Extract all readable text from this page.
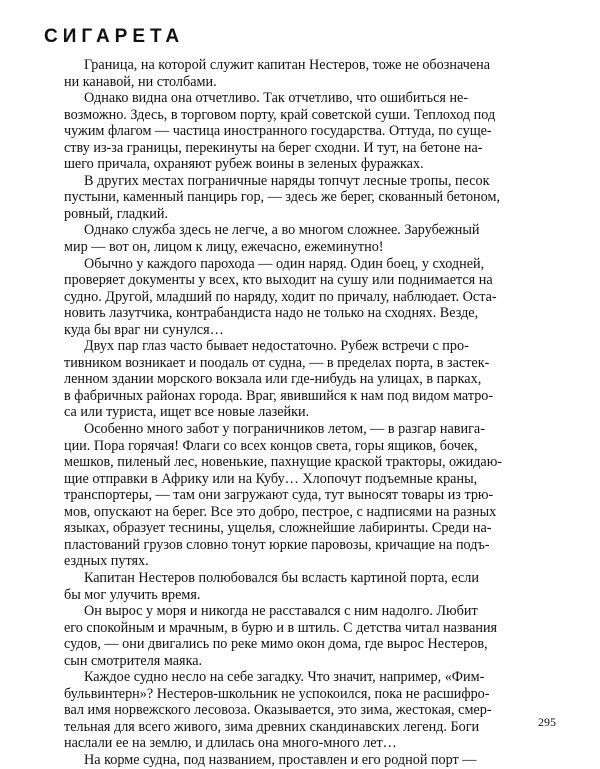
СИГАРЕТА

Граница, на которой служит капитан Нестеров, тоже не обозначена
ни канавой, ни столбами.

Однако видна она отчетливо. Так отчетливо, что ошибиться не-
возможно. Здесь, в торговом порту, край советской суши. Теплоход под
чужим флагом — частица иностранного государства. Оттуда, по суще-
ству из-за границы, перекинуты на берег сходни. И тут, на бетоне на-
шего причала, охраняют рубеж воины в зеленых фуражках.

В других местах пограничные наряды топчут лесные тропы, песок
пустыни, каменный панцирь гор, — здесь же берег, скованный бетоном,
ровный, гладкий.

Однако служба здесь не легче, а во многом сложнее. Зарубежный
мир — вот он, лицом к лицу, ежечасно, ежеминутно!

Обычно у каждого парохода — один наряд. Один боец, у сходней,
проверяет документы у всех, кто выходит на сушу или поднимается на
судно. Другой, младший по наряду, ходит по причалу, наблюдает. Оста-
новить лазутчика, контрабандиста надо не только на сходнях. Везде,
куда бы враг ни сунулся…

Двух пар глаз часто бывает недостаточно. Рубеж встречи с про-
тивником возникает и поодаль от судна, — в пределах порта, в застек-
ленном здании морского вокзала или где-нибудь на улицах, в парках,
в фабричных районах города. Враг, явившийся к нам под видом матро-
са или туриста, ищет все новые лазейки.

Особенно много забот у пограничников летом, — в разгар навига-
ции. Пора горячая! Флаги со всех концов света, горы ящиков, бочек,
мешков, пиленый лес, новенькие, пахнущие краской тракторы, ожидаю-
щие отправки в Африку или на Кубу… Хлопочут подъемные краны,
транспортеры, — там они загружают суда, тут выносят товары из трю-
мов, опускают на берег. Все это добро, пестрое, с надписями на разных
языках, образует теснины, ущелья, сложнейшие лабиринты. Среди на-
пластований грузов словно тонут юркие паровозы, кричащие на подъ-
ездных путях.

Капитан Нестеров полюбовался бы всласть картиной порта, если
бы мог улучить время.

Он вырос у моря и никогда не расставался с ним надолго. Любит
его спокойным и мрачным, в бурю и в штиль. С детства читал названия
судов, — они двигались по реке мимо окон дома, где вырос Нестеров,
сын смотрителя маяка.

Каждое судно несло на себе загадку. Что значит, например, «Фим-
бульвинтерн»? Нестеров-школьник не успокоился, пока не расшифро-
вал имя норвежского лесовоза. Оказывается, это зима, жестокая, смер-
тельная для всего живого, зима древних скандинавских легенд. Боги
наслали ее на землю, и длилась она много-много лет…

На корме судна, под названием, проставлен и его родной порт —

295
